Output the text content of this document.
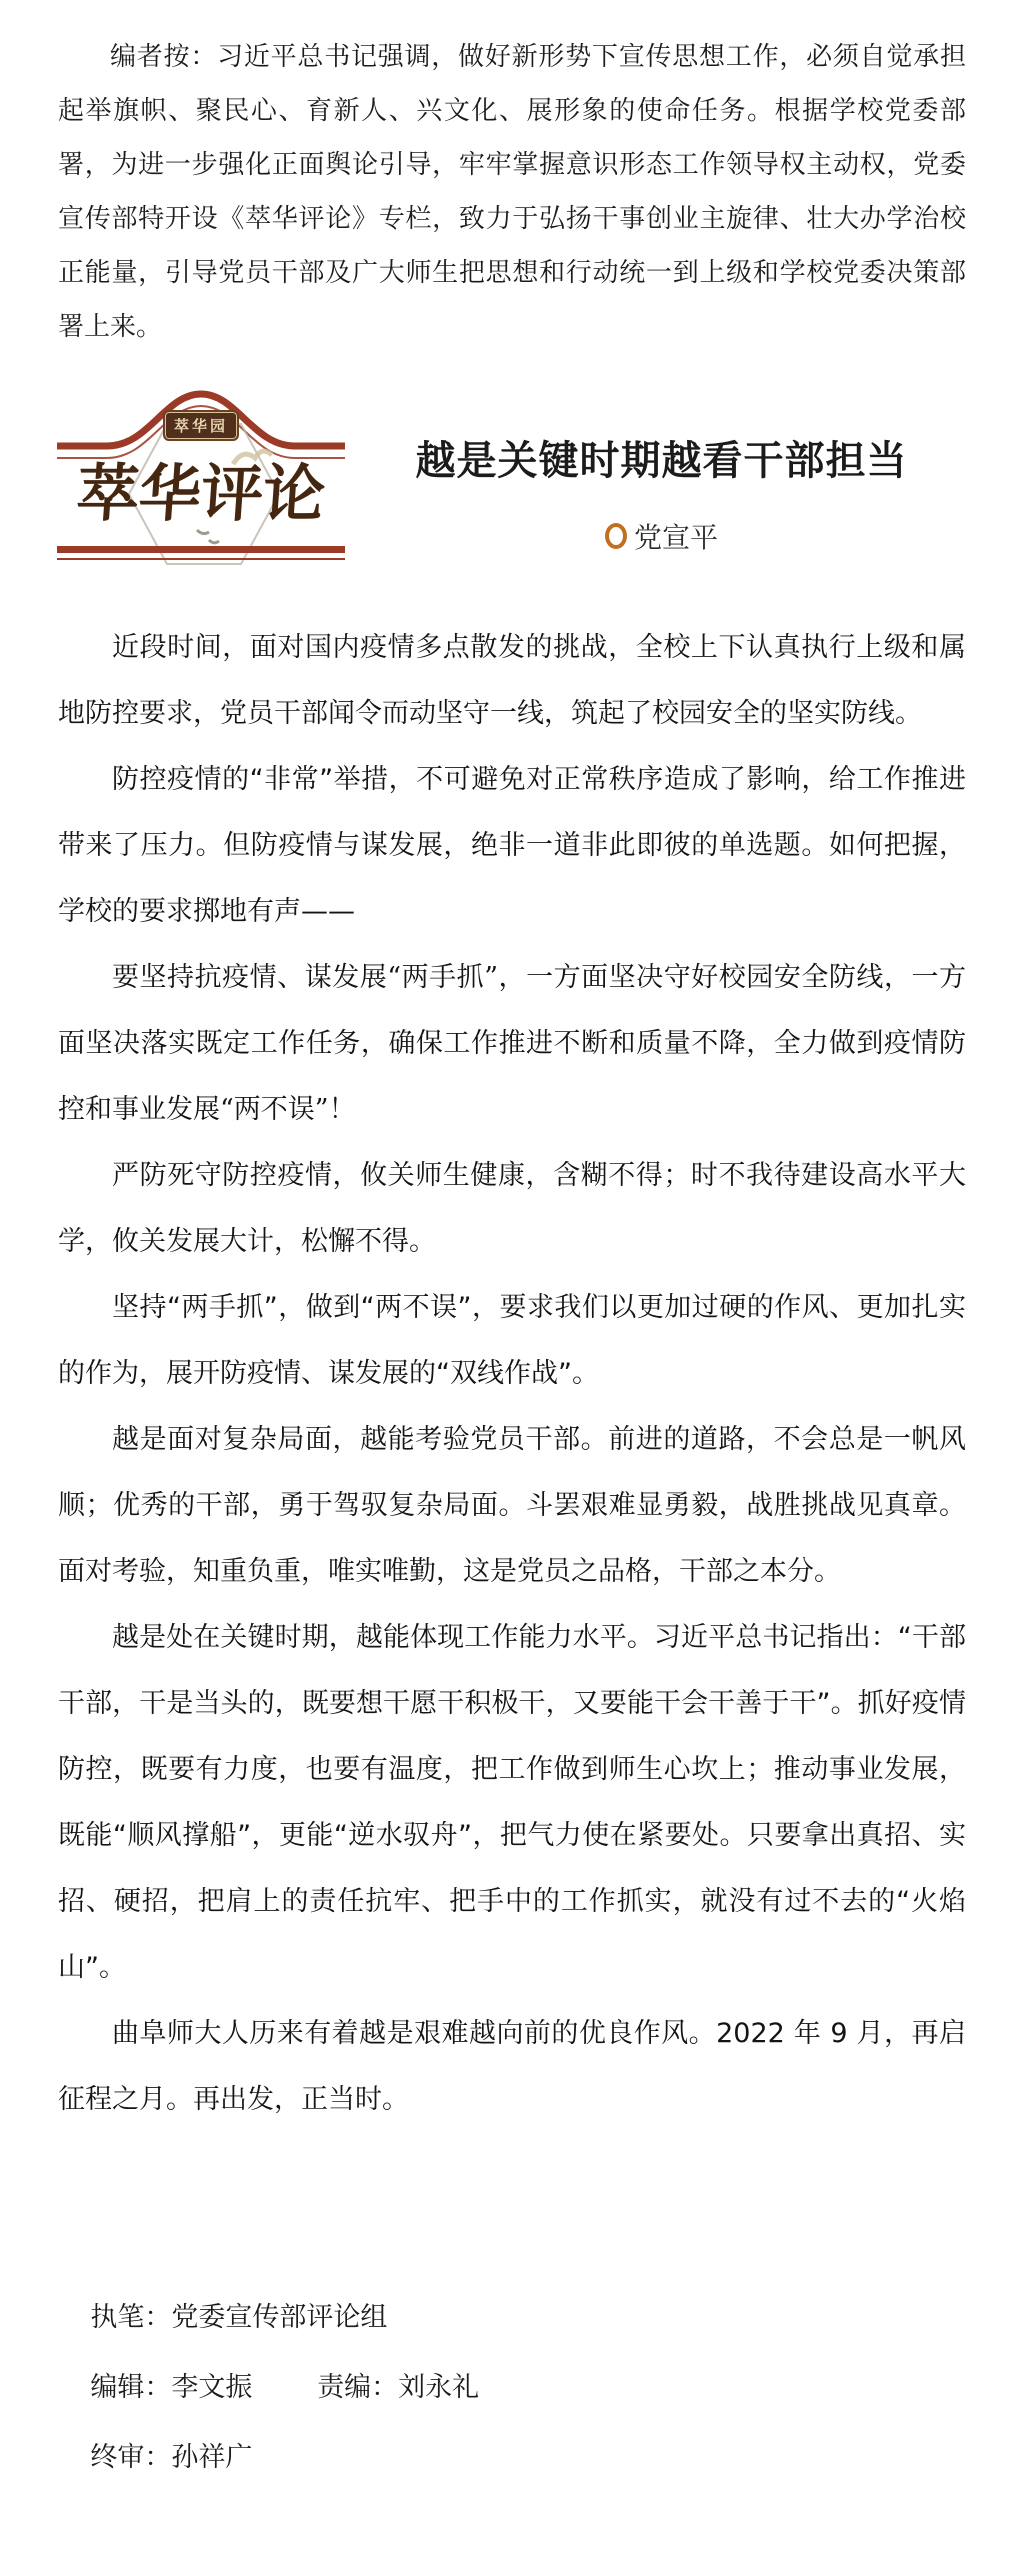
编者按：习近平总书记强调，做好新形势下宣传思想工作，必须自觉承担起举旗帜、聚民心、育新人、兴文化、展形象的使命任务。根据学校党委部署，为进一步强化正面舆论引导，牢牢掌握意识形态工作领导权主动权，党委宣传部特开设《萃华评论》专栏，致力于弘扬干事创业主旋律、壮大办学治校正能量，引导党员干部及广大师生把思想和行动统一到上级和学校党委决策部署上来。

萃华园
萃华评论	越是关键时期越看干部担当
党宣平

近段时间，面对国内疫情多点散发的挑战，全校上下认真执行上级和属地防控要求，党员干部闻令而动坚守一线，筑起了校园安全的坚实防线。

防控疫情的“非常”举措，不可避免对正常秩序造成了影响，给工作推进带来了压力。但防疫情与谋发展，绝非一道非此即彼的单选题。如何把握，学校的要求掷地有声——

要坚持抗疫情、谋发展“两手抓”，一方面坚决守好校园安全防线，一方面坚决落实既定工作任务，确保工作推进不断和质量不降，全力做到疫情防控和事业发展“两不误”！

严防死守防控疫情，攸关师生健康，含糊不得；时不我待建设高水平大学，攸关发展大计，松懈不得。

坚持“两手抓”，做到“两不误”，要求我们以更加过硬的作风、更加扎实的作为，展开防疫情、谋发展的“双线作战”。

越是面对复杂局面，越能考验党员干部。前进的道路，不会总是一帆风顺；优秀的干部，勇于驾驭复杂局面。斗罢艰难显勇毅，战胜挑战见真章。面对考验，知重负重，唯实唯勤，这是党员之品格，干部之本分。

越是处在关键时期，越能体现工作能力水平。习近平总书记指出：“干部干部，干是当头的，既要想干愿干积极干，又要能干会干善于干”。抓好疫情防控，既要有力度，也要有温度，把工作做到师生心坎上；推动事业发展，既能“顺风撑船”，更能“逆水驭舟”，把气力使在紧要处。只要拿出真招、实招、硬招，把肩上的责任抗牢、把手中的工作抓实，就没有过不去的“火焰山”。

曲阜师大人历来有着越是艰难越向前的优良作风。2022 年 9 月，再启征程之月。再出发，正当时。

执笔：党委宣传部评论组
编辑：李文振 责编：刘永礼
终审：孙祥广
